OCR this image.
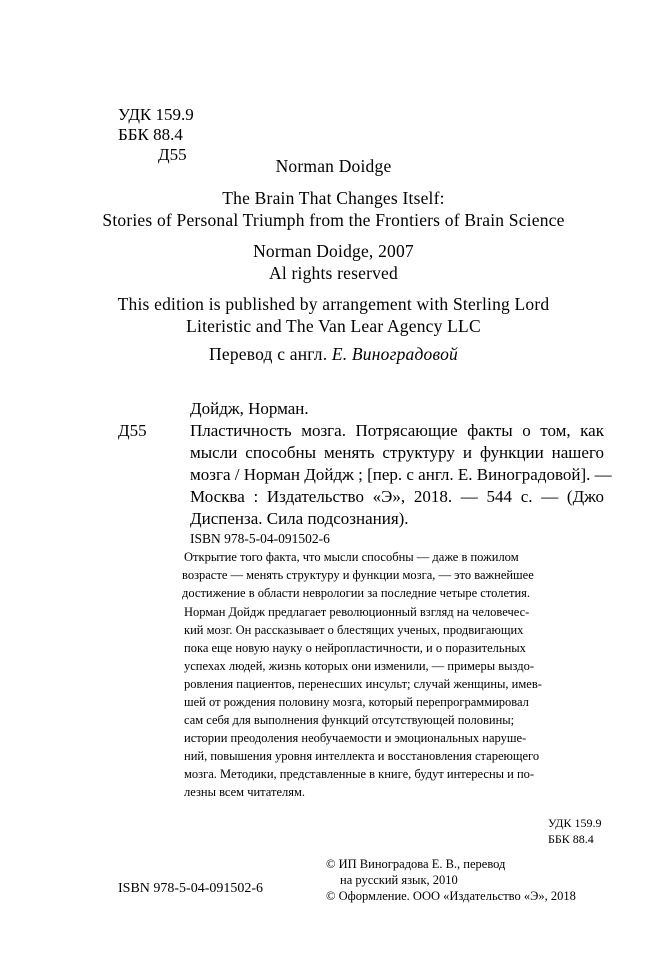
УДК 159.9
ББК 88.4
Д55
Norman Doidge
The Brain That Changes Itself:
Stories of Personal Triumph from the Frontiers of Brain Science
Norman Doidge, 2007
Al rights reserved
This edition is published by arrangement with Sterling Lord
Literistic and The Van Lear Agency LLC
Перевод с англ. Е. Виноградовой
Дойдж, Норман.
Д55	Пластичность мозга. Потрясающие факты о том, как
мысли способны менять структуру и функции нашего
мозга / Норман Дойдж ; [пер. с англ. Е. Виноградовой]. —
Москва : Издательство «Э», 2018. — 544 с. — (Джо
Диспенза. Сила подсознания).
ISBN 978-5-04-091502-6
Открытие того факта, что мысли способны — даже в пожилом
возрасте — менять структуру и функции мозга, — это важнейшее
достижение в области неврологии за последние четыре столетия.
Норман Дойдж предлагает революционный взгляд на человечес-
кий мозг. Он рассказывает о блестящих ученых, продвигающих
пока еще новую науку о нейропластичности, и о поразительных
успехах людей, жизнь которых они изменили, — примеры выздо-
ровления пациентов, перенесших инсульт; случай женщины, имев-
шей от рождения половину мозга, который перепрограммировал
сам себя для выполнения функций отсутствующей половины;
истории преодоления необучаемости и эмоциональных наруше-
ний, повышения уровня интеллекта и восстановления стареющего
мозга. Методики, представленные в книге, будут интересны и по-
лезны всем читателям.
УДК 159.9
ББК 88.4
ISBN 978-5-04-091502-6
© ИП Виноградова Е. В., перевод
на русский язык, 2010
© Оформление. ООО «Издательство «Э», 2018
